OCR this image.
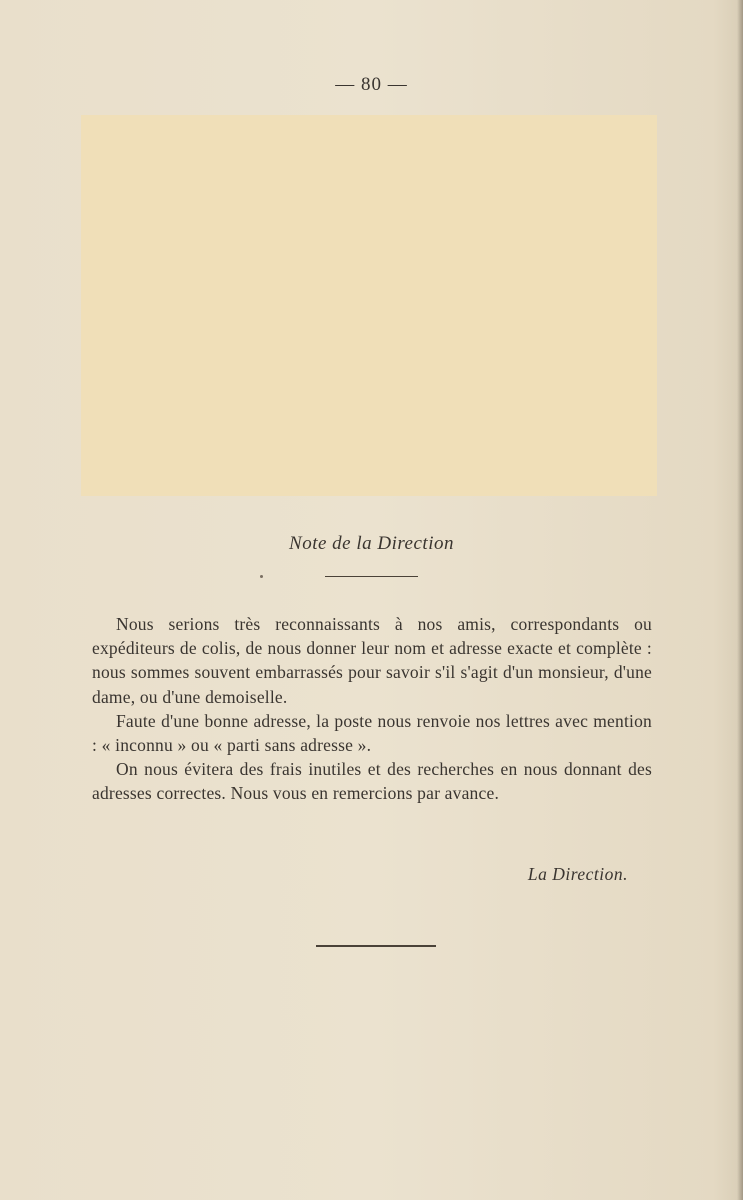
— 80 —
Note de la Direction

Nous serions très reconnaissants à nos amis, correspondants ou expéditeurs de colis, de nous donner leur nom et adresse exacte et complète : nous sommes souvent embarrassés pour savoir s'il s'agit d'un monsieur, d'une dame, ou d'une demoiselle.

Faute d'une bonne adresse, la poste nous renvoie nos lettres avec mention : « inconnu » ou « parti sans adresse ».

On nous évitera des frais inutiles et des recherches en nous donnant des adresses correctes. Nous vous en remercions par avance.

La Direction.
